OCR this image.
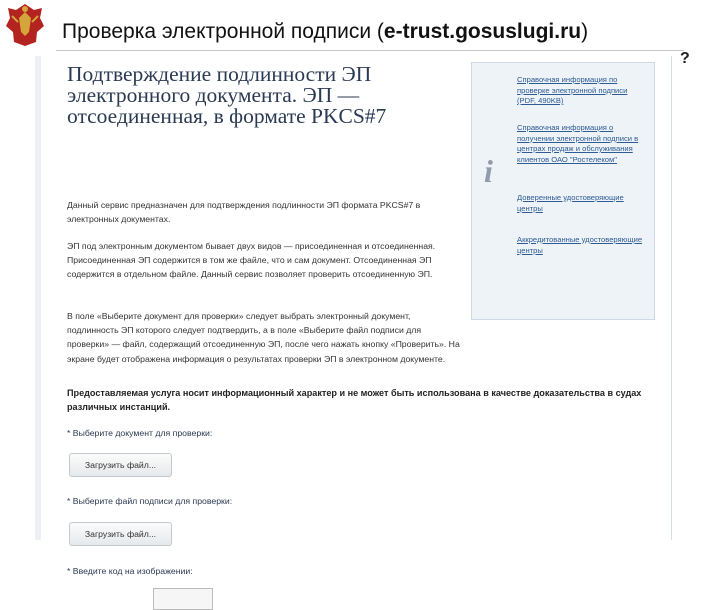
Проверка электронной подписи (e-trust.gosuslugi.ru)
?
Подтверждение подлинности ЭП электронного документа. ЭП — отсоединенная, в формате PKCS#7

Данный сервис предназначен для подтверждения подлинности ЭП формата PKCS#7 в электронных документах.

ЭП под электронным документом бывает двух видов — присоединенная и отсоединенная. Присоединенная ЭП содержится в том же файле, что и сам документ. Отсоединенная ЭП содержится в отдельном файле. Данный сервис позволяет проверить отсоединенную ЭП.

В поле «Выберите документ для проверки» следует выбрать электронный документ, подлинность ЭП которого следует подтвердить, а в поле «Выберите файл подписи для проверки» — файл, содержащий отсоединенную ЭП, после чего нажать кнопку «Проверить». На экране будет отображена информация о результатах проверки ЭП в электронном документе.

Предоставляемая услуга носит информационный характер и не может быть использована в качестве доказательства в судах различных инстанций.

* Выберите документ для проверки:
Загрузить файл...
* Выберите файл подписи для проверки:
Загрузить файл...
* Введите код на изображении:
i

Справочная информация по проверке электронной подписи (PDF, 490KB)

Справочная информация о получении электронной подписи в центрах продаж и обслуживания клиентов ОАО "Ростелеком"

Доверенные удостоверяющие центры

Аккредитованные удостоверяющие центры
